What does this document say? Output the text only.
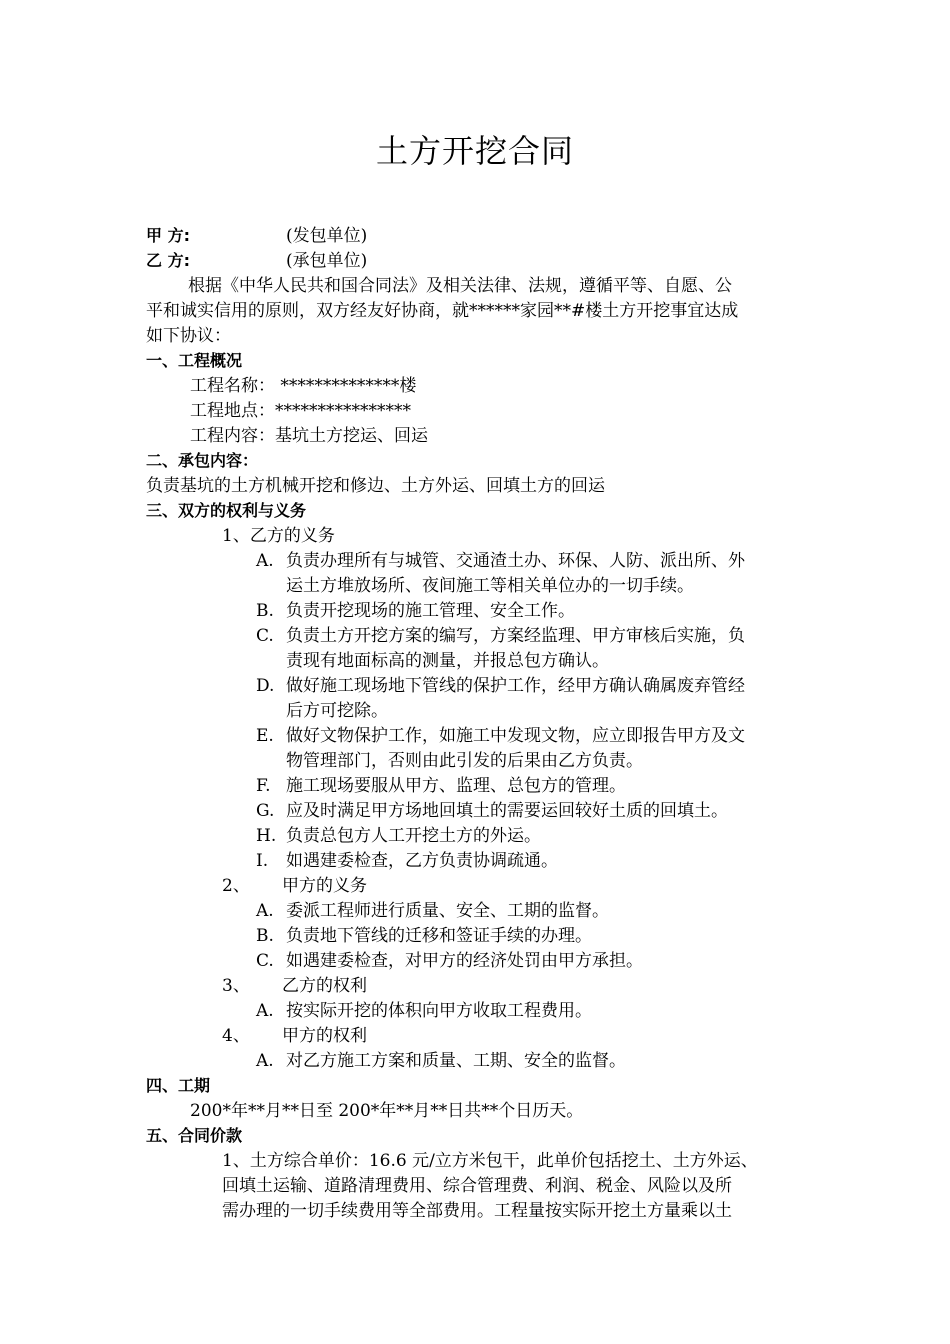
土方开挖合同
甲 方:	(发包单位)
乙 方:	(承包单位)
根据《中华人民共和国合同法》及相关法律、法规，遵循平等、自愿、公
平和诚实信用的原则，双方经友好协商，就******家园**#楼土方开挖事宜达成
如下协议：
一、工程概况
工程名称： **************楼
工程地点：****************
工程内容：基坑土方挖运、回运
二、承包内容：
负责基坑的土方机械开挖和修边、土方外运、回填土方的回运
三、双方的权利与义务
1、乙方的义务
A. 负责办理所有与城管、交通渣土办、环保、人防、派出所、外
运土方堆放场所、夜间施工等相关单位办的一切手续。
B. 负责开挖现场的施工管理、安全工作。
C. 负责土方开挖方案的编写，方案经监理、甲方审核后实施，负
责现有地面标高的测量，并报总包方确认。
D. 做好施工现场地下管线的保护工作，经甲方确认确属废弃管经
后方可挖除。
E. 做好文物保护工作，如施工中发现文物，应立即报告甲方及文
物管理部门，否则由此引发的后果由乙方负责。
F. 施工现场要服从甲方、监理、总包方的管理。
G. 应及时满足甲方场地回填土的需要运回较好土质的回填土。
H. 负责总包方人工开挖土方的外运。
I. 如遇建委检查，乙方负责协调疏通。
2、 甲方的义务
A. 委派工程师进行质量、安全、工期的监督。
B. 负责地下管线的迁移和签证手续的办理。
C. 如遇建委检查，对甲方的经济处罚由甲方承担。
3、 乙方的权利
A. 按实际开挖的体积向甲方收取工程费用。
4、 甲方的权利
A. 对乙方施工方案和质量、工期、安全的监督。
四、工期
200*年**月**日至 200*年**月**日共**个日历天。
五、合同价款
1、土方综合单价：16.6 元/立方米包干，此单价包括挖土、土方外运、
回填土运输、道路清理费用、综合管理费、利润、税金、风险以及所
需办理的一切手续费用等全部费用。工程量按实际开挖土方量乘以土
